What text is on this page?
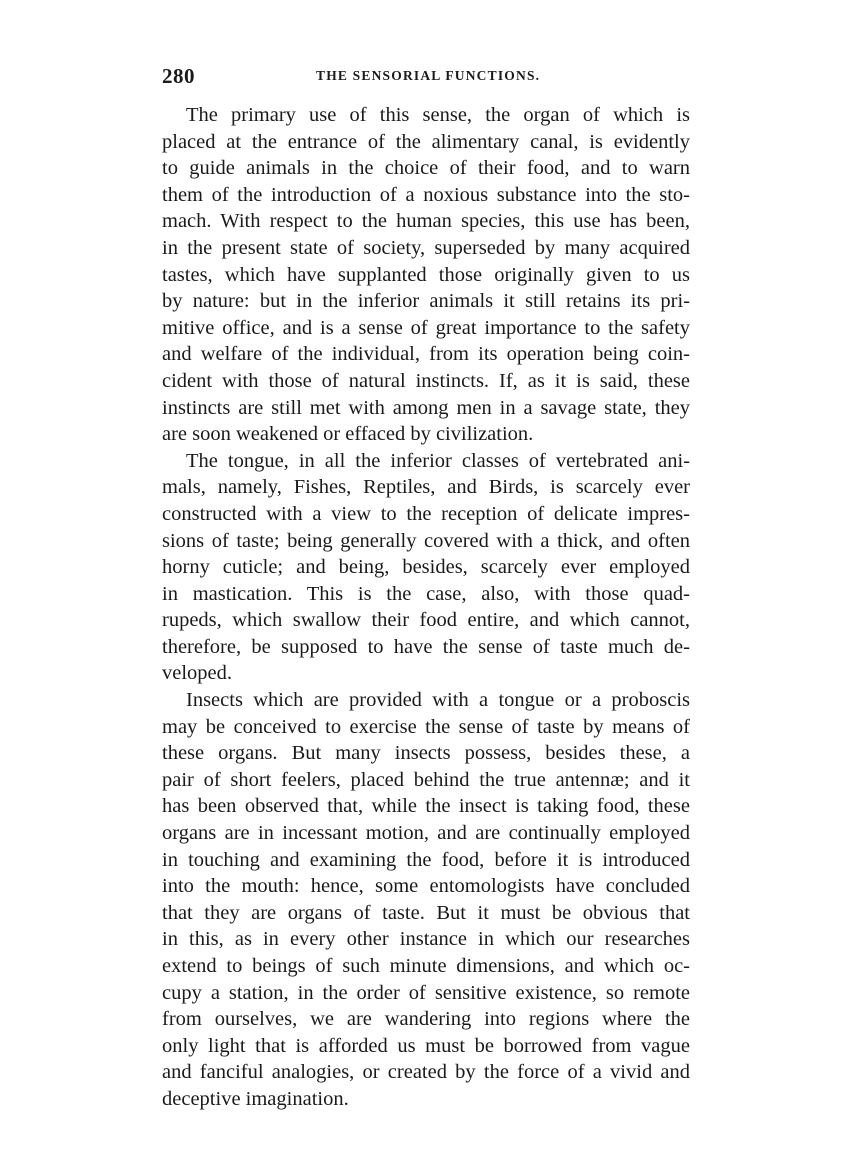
280	THE SENSORIAL FUNCTIONS.
The primary use of this sense, the organ of which is
placed at the entrance of the alimentary canal, is evidently
to guide animals in the choice of their food, and to warn
them of the introduction of a noxious substance into the sto-
mach. With respect to the human species, this use has been,
in the present state of society, superseded by many acquired
tastes, which have supplanted those originally given to us
by nature: but in the inferior animals it still retains its pri-
mitive office, and is a sense of great importance to the safety
and welfare of the individual, from its operation being coin-
cident with those of natural instincts. If, as it is said, these
instincts are still met with among men in a savage state, they
are soon weakened or effaced by civilization.
The tongue, in all the inferior classes of vertebrated ani-
mals, namely, Fishes, Reptiles, and Birds, is scarcely ever
constructed with a view to the reception of delicate impres-
sions of taste; being generally covered with a thick, and often
horny cuticle; and being, besides, scarcely ever employed
in mastication. This is the case, also, with those quad-
rupeds, which swallow their food entire, and which cannot,
therefore, be supposed to have the sense of taste much de-
veloped.
Insects which are provided with a tongue or a proboscis
may be conceived to exercise the sense of taste by means of
these organs. But many insects possess, besides these, a
pair of short feelers, placed behind the true antennæ; and it
has been observed that, while the insect is taking food, these
organs are in incessant motion, and are continually employed
in touching and examining the food, before it is introduced
into the mouth: hence, some entomologists have concluded
that they are organs of taste. But it must be obvious that
in this, as in every other instance in which our researches
extend to beings of such minute dimensions, and which oc-
cupy a station, in the order of sensitive existence, so remote
from ourselves, we are wandering into regions where the
only light that is afforded us must be borrowed from vague
and fanciful analogies, or created by the force of a vivid and
deceptive imagination.
